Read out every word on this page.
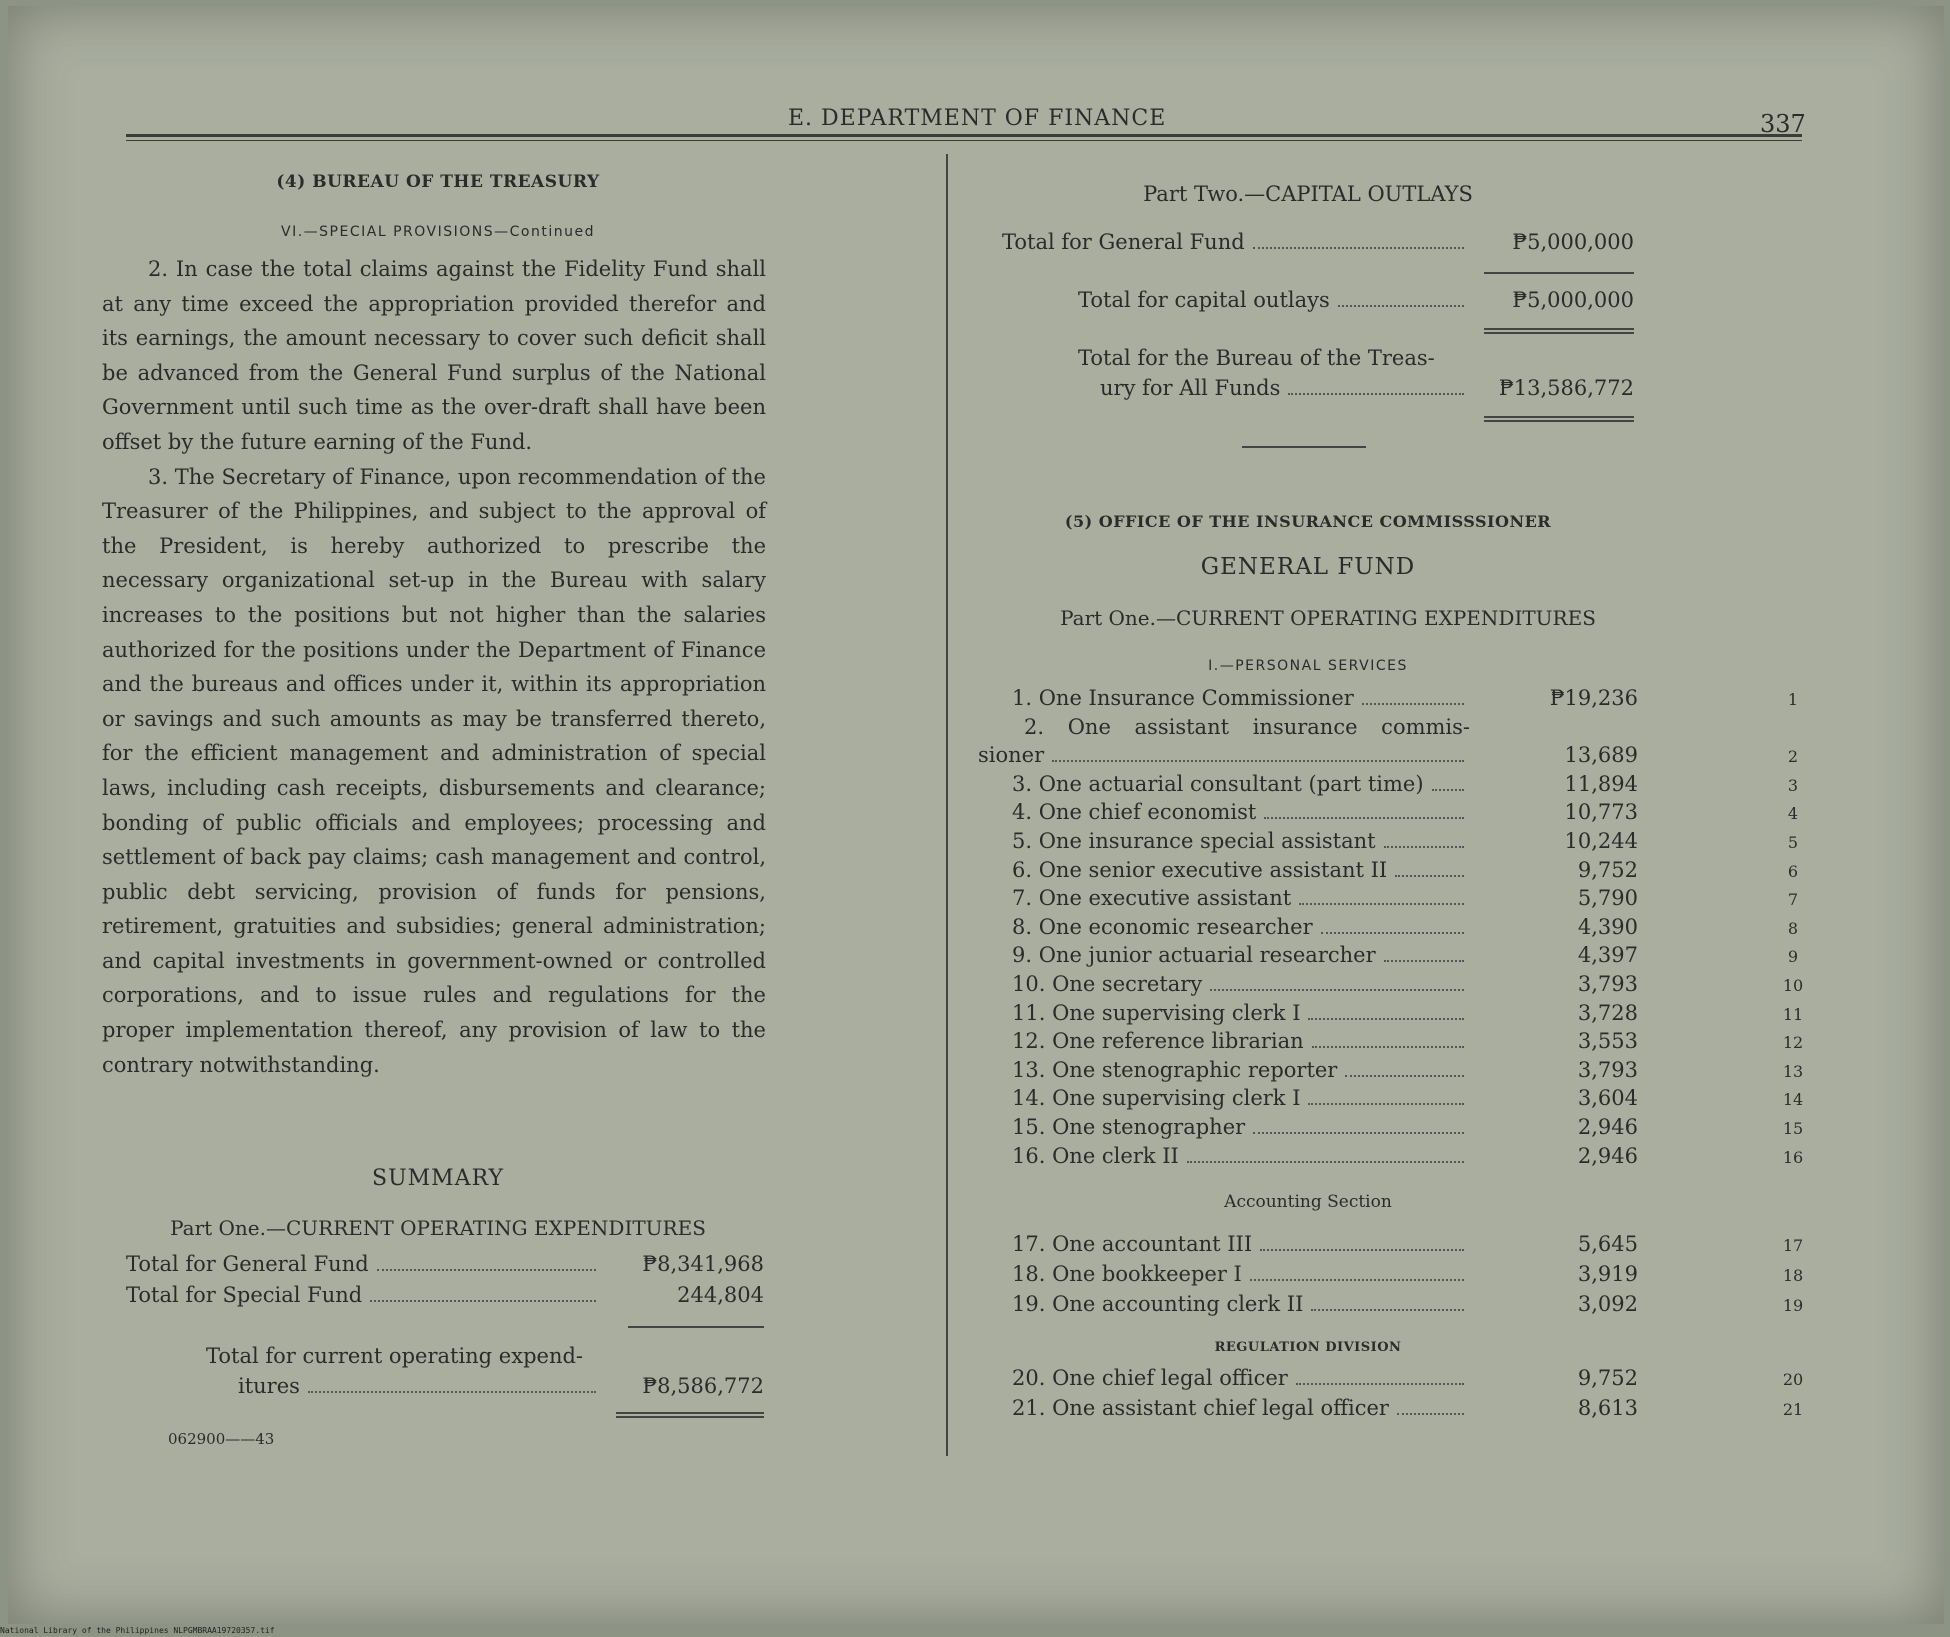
E. DEPARTMENT OF FINANCE	337
(4) BUREAU OF THE TREASURY
VI.—SPECIAL PROVISIONS—Continued

2. In case the total claims against the Fidelity Fund shall at any time exceed the appropriation provided therefor and its earnings, the amount necessary to cover such deficit shall be advanced from the General Fund surplus of the National Government until such time as the over-draft shall have been offset by the future earning of the Fund.

3. The Secretary of Finance, upon recommendation of the Treasurer of the Philippines, and subject to the approval of the President, is hereby authorized to prescribe the necessary organizational set-up in the Bureau with salary increases to the positions but not higher than the salaries authorized for the positions under the Department of Finance and the bureaus and offices under it, within its appropriation or savings and such amounts as may be transferred thereto, for the efficient management and administration of special laws, including cash receipts, disbursements and clearance; bonding of public officials and employees; processing and settlement of back pay claims; cash management and control, public debt servicing, provision of funds for pensions, retirement, gratuities and subsidies; general administration; and capital investments in government-owned or controlled corporations, and to issue rules and regulations for the proper implementation thereof, any provision of law to the contrary notwithstanding.

SUMMARY
Part One.—CURRENT OPERATING EXPENDITURES
Total for General Fund	₱8,341,968
Total for Special Fund	244,804
Total for current operating expend-
itures	₱8,586,772
062900——43
Part Two.—CAPITAL OUTLAYS
Total for General Fund	₱5,000,000
Total for capital outlays	₱5,000,000
Total for the Bureau of the Treas-
ury for All Funds	₱13,586,772
(5) OFFICE OF THE INSURANCE COMMISSSIONER
GENERAL FUND
Part One.—CURRENT OPERATING EXPENDITURES
I.—PERSONAL SERVICES
1. One Insurance Commissioner	₱19,236	1
2. One assistant insurance commis-
sioner	13,689	2
3. One actuarial consultant (part time)	11,894	3
4. One chief economist	10,773	4
5. One insurance special assistant	10,244	5
6. One senior executive assistant II	9,752	6
7. One executive assistant	5,790	7
8. One economic researcher	4,390	8
9. One junior actuarial researcher	4,397	9
10. One secretary	3,793	10
11. One supervising clerk I	3,728	11
12. One reference librarian	3,553	12
13. One stenographic reporter	3,793	13
14. One supervising clerk I	3,604	14
15. One stenographer	2,946	15
16. One clerk II	2,946	16
Accounting Section
17. One accountant III	5,645	17
18. One bookkeeper I	3,919	18
19. One accounting clerk II	3,092	19
REGULATION DIVISION
20. One chief legal officer	9,752	20
21. One assistant chief legal officer	8,613	21
National Library of the Philippines NLPGMBRAA19720357.tif
